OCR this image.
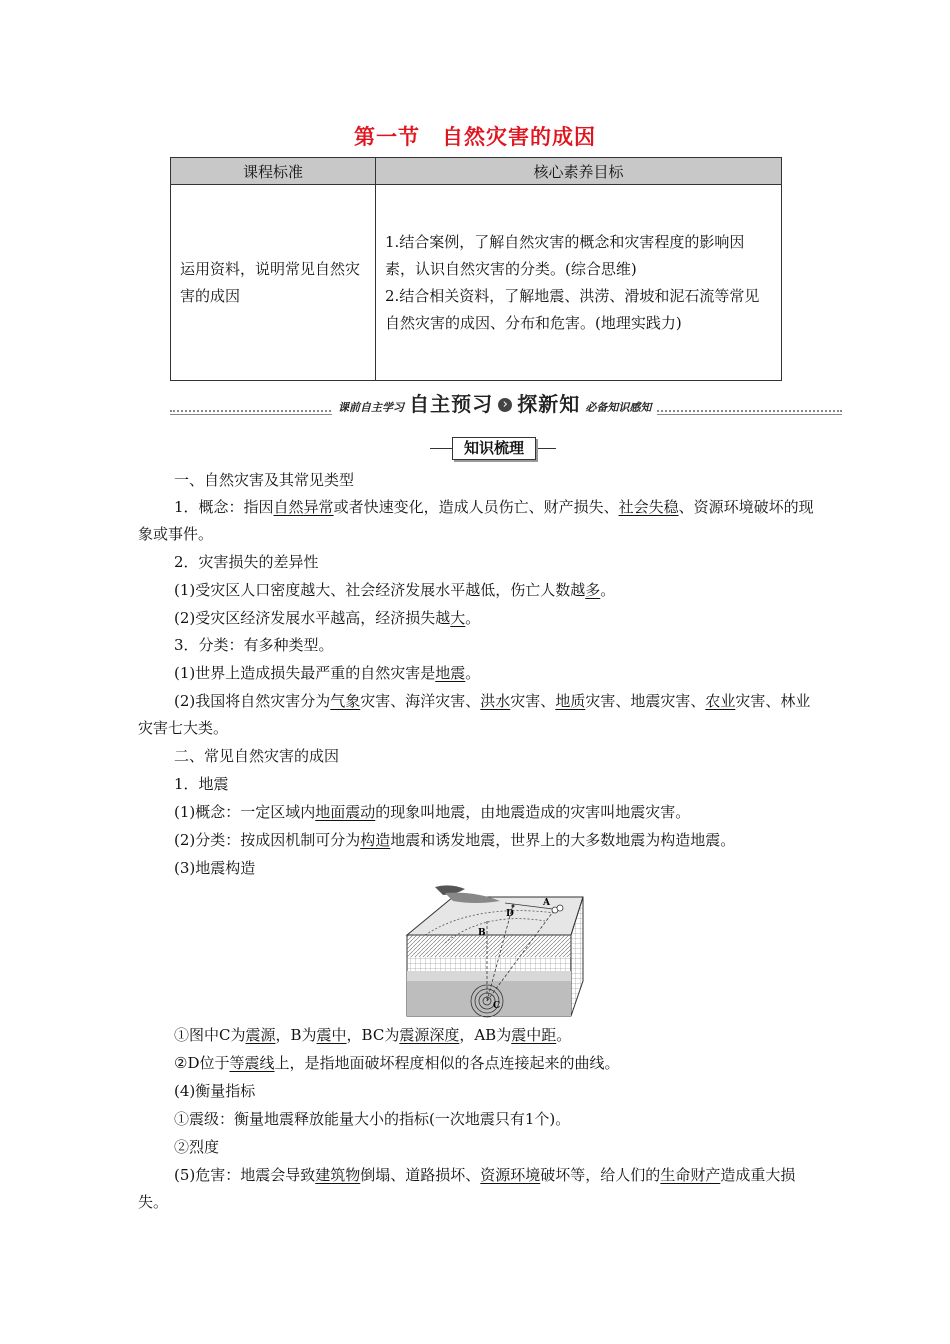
第一节　自然灾害的成因
课程标准	核心素养目标
运用资料，说明常见自然灾害的成因	1.结合案例，了解自然灾害的概念和灾害程度的影响因素，认识自然灾害的分类。(综合思维)
2.结合相关资料，了解地震、洪涝、滑坡和泥石流等常见自然灾害的成因、分布和危害。(地理实践力)
课前自主学习 自主预习 › 探新知 必备知识感知
知识梳理
一、自然灾害及其常见类型
1．概念：指因自然异常或者快速变化，造成人员伤亡、财产损失、社会失稳、资源环境破坏的现象或事件。
2．灾害损失的差异性
(1)受灾区人口密度越大、社会经济发展水平越低，伤亡人数越多。
(2)受灾区经济发展水平越高，经济损失越大。
3．分类：有多种类型。
(1)世界上造成损失最严重的自然灾害是地震。
(2)我国将自然灾害分为气象灾害、海洋灾害、洪水灾害、地质灾害、地震灾害、农业灾害、林业灾害七大类。
二、常见自然灾害的成因
1．地震
(1)概念：一定区域内地面震动的现象叫地震，由地震造成的灾害叫地震灾害。
(2)分类：按成因机制可分为构造地震和诱发地震，世界上的大多数地震为构造地震。
(3)地震构造
A
B
C
D
①图中C为震源，B为震中，BC为震源深度，AB为震中距。
②D位于等震线上，是指地面破坏程度相似的各点连接起来的曲线。
(4)衡量指标
①震级：衡量地震释放能量大小的指标(一次地震只有1个)。
②烈度
(5)危害：地震会导致建筑物倒塌、道路损坏、资源环境破坏等，给人们的生命财产造成重大损失。
